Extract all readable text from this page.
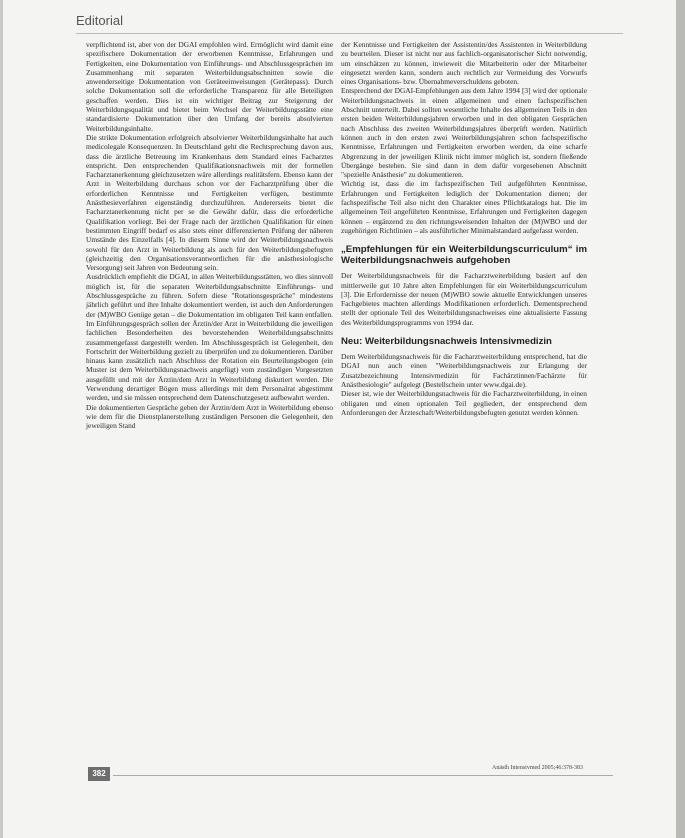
Editorial

verpflichtend ist, aber von der DGAI empfohlen wird. Ermöglicht wird damit eine spezifischere Dokumentation der erworbenen Kenntnisse, Erfahrungen und Fertigkeiten, eine Dokumentation von Einführungs- und Abschlussgesprächen im Zusammenhang mit separaten Weiterbildungsabschnitten sowie die anwenderseitige Dokumentation von Geräteeinweisungen (Gerätepass). Durch solche Dokumentation soll die erforderliche Transparenz für alle Beteiligten geschaffen werden. Dies ist ein wichtiger Beitrag zur Steigerung der Weiterbildungsqualität und bietet beim Wechsel der Weiterbildungsstätte eine standardisierte Dokumentation über den Umfang der bereits absolvierten Weiterbildungsinhalte.

Die strikte Dokumentation erfolgreich absolvierter Weiterbildungsinhalte hat auch medicolegale Konsequenzen. In Deutschland geht die Rechtsprechung davon aus, dass die ärztliche Betreuung im Krankenhaus dem Standard eines Facharztes entspricht. Den entsprechenden Qualifikationsnachweis mit der formellen Facharztanerkennung gleichzusetzen wäre allerdings realitätsfern. Ebenso kann der Arzt in Weiterbildung durchaus schon vor der Facharztprüfung über die erforderlichen Kenntnisse und Fertigkeiten verfügen, bestimmte Anästhesieverfahren eigenständig durchzuführen. Andererseits bietet die Facharztanerkennung nicht per se die Gewähr dafür, dass die erforderliche Qualifikation vorliegt. Bei der Frage nach der ärztlichen Qualifikation für einen bestimmten Eingriff bedarf es also stets einer differenzierten Prüfung der näheren Umstände des Einzelfalls [4]. In diesem Sinne wird der Weiterbildungsnachweis sowohl für den Arzt in Weiterbildung als auch für den Weiterbildungsbefugten (gleichzeitig den Organisationsverantwortlichen für die anästhesiologische Versorgung) seit Jahren von Bedeutung sein.

Ausdrücklich empfiehlt die DGAI, in allen Weiterbildungsstätten, wo dies sinnvoll möglich ist, für die separaten Weiterbildungsabschnitte Einführungs- und Abschlussgespräche zu führen. Sofern diese "Rotationsgespräche" mindestens jährlich geführt und ihre Inhalte dokumentiert werden, ist auch den Anforderungen der (M)WBO Genüge getan – die Dokumentation im obligaten Teil kann entfallen. Im Einführungsgespräch sollen der Ärztin/der Arzt in Weiterbildung die jeweiligen fachlichen Besonderheiten des bevorstehenden Weiterbildungsabschnitts zusammengefasst dargestellt werden. Im Abschlussgespräch ist Gelegenheit, den Fortschritt der Weiterbildung gezielt zu überprüfen und zu dokumentieren. Darüber hinaus kann zusätzlich nach Abschluss der Rotation ein Beurteilungsbogen (ein Muster ist dem Weiterbildungsnachweis angefügt) vom zuständigen Vorgesetzten ausgefüllt und mit der Ärztin/dem Arzt in Weiterbildung diskutiert werden. Die Verwendung derartiger Bögen muss allerdings mit dem Personalrat abgestimmt werden, und sie müssen entsprechend dem Datenschutzgesetz aufbewahrt werden.

Die dokumentierten Gespräche geben der Ärztin/dem Arzt in Weiterbildung ebenso wie dem für die Dienstplanerstellung zuständigen Personen die Gelegenheit, den jeweiligen Stand

der Kenntnisse und Fertigkeiten der Assistentin/des Assistenten in Weiterbildung zu beurteilen. Dieser ist nicht nur aus fachlich-organisatorischer Sicht notwendig, um einschätzen zu können, inwieweit die Mitarbeiterin oder der Mitarbeiter eingesetzt werden kann, sondern auch rechtlich zur Vermeidung des Vorwurfs eines Organisations- bzw. Übernahmeverschuldens geboten.

Entsprechend der DGAI-Empfehlungen aus dem Jahre 1994 [3] wird der optionale Weiterbildungsnachweis in einen allgemeinen und einen fachspezifischen Abschnitt unterteilt. Dabei sollten wesentliche Inhalte des allgemeinen Teils in den ersten beiden Weiterbildungsjahren erworben und in den obligaten Gesprächen nach Abschluss des zweiten Weiterbildungsjahres überprüft werden. Natürlich können auch in den ersten zwei Weiterbildungsjahren schon fachspezifische Kenntnisse, Erfahrungen und Fertigkeiten erworben werden, da eine scharfe Abgrenzung in der jeweiligen Klinik nicht immer möglich ist, sondern fließende Übergänge bestehen. Sie sind dann in dem dafür vorgesehenen Abschnitt "spezielle Anästhesie" zu dokumentieren.

Wichtig ist, dass die im fachspezifischen Teil aufgeführten Kenntnisse, Erfahrungen und Fertigkeiten lediglich der Dokumentation dienen; der fachspezifische Teil also nicht den Charakter eines Pflichtkatalogs hat. Die im allgemeinen Teil angeführten Kenntnisse, Erfahrungen und Fertigkeiten dagegen können – ergänzend zu den richtungsweisenden Inhalten der (M)WBO und der zugehörigen Richtlinien – als ausführlicher Minimalstandard aufgefasst werden.

„Empfehlungen für ein Weiterbildungscurriculum“ im Weiterbildungsnachweis aufgehoben

Der Weiterbildungsnachweis für die Facharztweiterbildung basiert auf den mittlerweile gut 10 Jahre alten Empfehlungen für ein Weiterbildungscurriculum [3]. Die Erfordernisse der neuen (M)WBO sowie aktuelle Entwicklungen unseres Fachgebietes machten allerdings Modifikationen erforderlich. Dementsprechend stellt der optionale Teil des Weiterbildungsnachweises eine aktualisierte Fassung des Weiterbildungsprogramms von 1994 dar.

Neu: Weiterbildungsnachweis Intensivmedizin

Dem Weiterbildungsnachweis für die Facharztweiterbildung entsprechend, hat die DGAI nun auch einen "Weiterbildungsnachweis zur Erlangung der Zusatzbezeichnung Intensivmedizin für Fachärztinnen/Fachärzte für Anästhesiologie" aufgelegt (Bestellschein unter www.dgai.de).

Dieser ist, wie der Weiterbildungsnachweis für die Facharztweiterbildung, in einen obligaten und einen optionalen Teil gegliedert, der entsprechend dem Anforderungen der Ärzteschaft/Weiterbildungsbefugten genutzt werden können.

382
Anästh Intensivmed 2005;46:378-383
